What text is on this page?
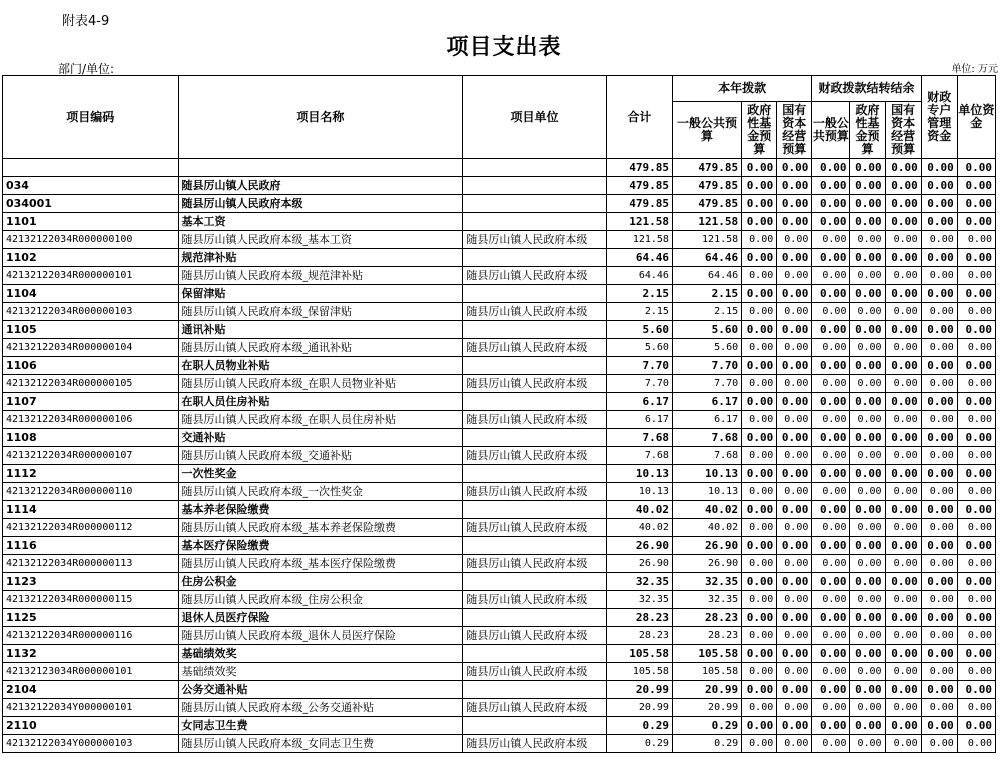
附表4-9
项目支出表
部门/单位:	单位: 万元
项目编码	项目名称	项目单位	合计	本年拨款			财政拨款结转结余			财政专户管理资金	单位资金
				一般公共预算	政府性基金预算	国有资本经营预算	一般公共预算	政府性基金预算	国有资本经营预算		
			479.85	479.85	0.00	0.00	0.00	0.00	0.00	0.00	0.00
034	随县厉山镇人民政府		479.85	479.85	0.00	0.00	0.00	0.00	0.00	0.00	0.00
034001	随县厉山镇人民政府本级		479.85	479.85	0.00	0.00	0.00	0.00	0.00	0.00	0.00
1101	基本工资		121.58	121.58	0.00	0.00	0.00	0.00	0.00	0.00	0.00
42132122034R000000100	随县厉山镇人民政府本级_基本工资	随县厉山镇人民政府本级	121.58	121.58	0.00	0.00	0.00	0.00	0.00	0.00	0.00
1102	规范津补贴		64.46	64.46	0.00	0.00	0.00	0.00	0.00	0.00	0.00
42132122034R000000101	随县厉山镇人民政府本级_规范津补贴	随县厉山镇人民政府本级	64.46	64.46	0.00	0.00	0.00	0.00	0.00	0.00	0.00
1104	保留津贴		2.15	2.15	0.00	0.00	0.00	0.00	0.00	0.00	0.00
42132122034R000000103	随县厉山镇人民政府本级_保留津贴	随县厉山镇人民政府本级	2.15	2.15	0.00	0.00	0.00	0.00	0.00	0.00	0.00
1105	通讯补贴		5.60	5.60	0.00	0.00	0.00	0.00	0.00	0.00	0.00
42132122034R000000104	随县厉山镇人民政府本级_通讯补贴	随县厉山镇人民政府本级	5.60	5.60	0.00	0.00	0.00	0.00	0.00	0.00	0.00
1106	在职人员物业补贴		7.70	7.70	0.00	0.00	0.00	0.00	0.00	0.00	0.00
42132122034R000000105	随县厉山镇人民政府本级_在职人员物业补贴	随县厉山镇人民政府本级	7.70	7.70	0.00	0.00	0.00	0.00	0.00	0.00	0.00
1107	在职人员住房补贴		6.17	6.17	0.00	0.00	0.00	0.00	0.00	0.00	0.00
42132122034R000000106	随县厉山镇人民政府本级_在职人员住房补贴	随县厉山镇人民政府本级	6.17	6.17	0.00	0.00	0.00	0.00	0.00	0.00	0.00
1108	交通补贴		7.68	7.68	0.00	0.00	0.00	0.00	0.00	0.00	0.00
42132122034R000000107	随县厉山镇人民政府本级_交通补贴	随县厉山镇人民政府本级	7.68	7.68	0.00	0.00	0.00	0.00	0.00	0.00	0.00
1112	一次性奖金		10.13	10.13	0.00	0.00	0.00	0.00	0.00	0.00	0.00
42132122034R000000110	随县厉山镇人民政府本级_一次性奖金	随县厉山镇人民政府本级	10.13	10.13	0.00	0.00	0.00	0.00	0.00	0.00	0.00
1114	基本养老保险缴费		40.02	40.02	0.00	0.00	0.00	0.00	0.00	0.00	0.00
42132122034R000000112	随县厉山镇人民政府本级_基本养老保险缴费	随县厉山镇人民政府本级	40.02	40.02	0.00	0.00	0.00	0.00	0.00	0.00	0.00
1116	基本医疗保险缴费		26.90	26.90	0.00	0.00	0.00	0.00	0.00	0.00	0.00
42132122034R000000113	随县厉山镇人民政府本级_基本医疗保险缴费	随县厉山镇人民政府本级	26.90	26.90	0.00	0.00	0.00	0.00	0.00	0.00	0.00
1123	住房公积金		32.35	32.35	0.00	0.00	0.00	0.00	0.00	0.00	0.00
42132122034R000000115	随县厉山镇人民政府本级_住房公积金	随县厉山镇人民政府本级	32.35	32.35	0.00	0.00	0.00	0.00	0.00	0.00	0.00
1125	退休人员医疗保险		28.23	28.23	0.00	0.00	0.00	0.00	0.00	0.00	0.00
42132122034R000000116	随县厉山镇人民政府本级_退休人员医疗保险	随县厉山镇人民政府本级	28.23	28.23	0.00	0.00	0.00	0.00	0.00	0.00	0.00
1132	基础绩效奖		105.58	105.58	0.00	0.00	0.00	0.00	0.00	0.00	0.00
42132123034R000000101	基础绩效奖	随县厉山镇人民政府本级	105.58	105.58	0.00	0.00	0.00	0.00	0.00	0.00	0.00
2104	公务交通补贴		20.99	20.99	0.00	0.00	0.00	0.00	0.00	0.00	0.00
42132122034Y000000101	随县厉山镇人民政府本级_公务交通补贴	随县厉山镇人民政府本级	20.99	20.99	0.00	0.00	0.00	0.00	0.00	0.00	0.00
2110	女同志卫生费		0.29	0.29	0.00	0.00	0.00	0.00	0.00	0.00	0.00
42132122034Y000000103	随县厉山镇人民政府本级_女同志卫生费	随县厉山镇人民政府本级	0.29	0.29	0.00	0.00	0.00	0.00	0.00	0.00	0.00
